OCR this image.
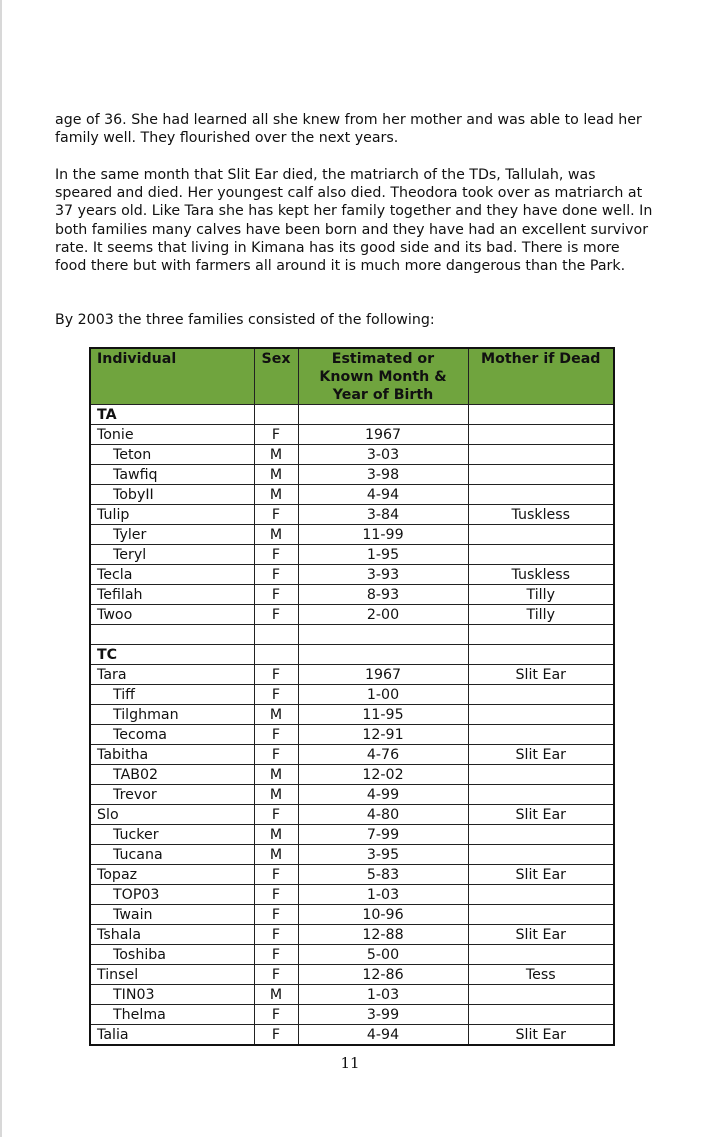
age of 36. She had learned all she knew from her mother and was able to lead her family well. They flourished over the next years.

In the same month that Slit Ear died, the matriarch of the TDs, Tallulah, was speared and died. Her youngest calf also died. Theodora took over as matriarch at 37 years old. Like Tara she has kept her family together and they have done well. In both families many calves have been born and they have had an excellent survivor rate. It seems that living in Kimana has its good side and its bad. There is more food there but with farmers all around it is much more dangerous than the Park.

By 2003 the three families consisted of the following:

Individual	Sex	Estimated or Known Month & Year of Birth	Mother if Dead
TA			
Tonie	F	1967	
Teton	M	3-03	
Tawfiq	M	3-98	
TobyII	M	4-94	
Tulip	F	3-84	Tuskless
Tyler	M	11-99	
Teryl	F	1-95	
Tecla	F	3-93	Tuskless
Tefilah	F	8-93	Tilly
Twoo	F	2-00	Tilly

TC			
Tara	F	1967	Slit Ear
Tiff	F	1-00	
Tilghman	M	11-95	
Tecoma	F	12-91	
Tabitha	F	4-76	Slit Ear
TAB02	M	12-02	
Trevor	M	4-99	
Slo	F	4-80	Slit Ear
Tucker	M	7-99	
Tucana	M	3-95	
Topaz	F	5-83	Slit Ear
TOP03	F	1-03	
Twain	F	10-96	
Tshala	F	12-88	Slit Ear
Toshiba	F	5-00	
Tinsel	F	12-86	Tess
TIN03	M	1-03	
Thelma	F	3-99	
Talia	F	4-94	Slit Ear
11
